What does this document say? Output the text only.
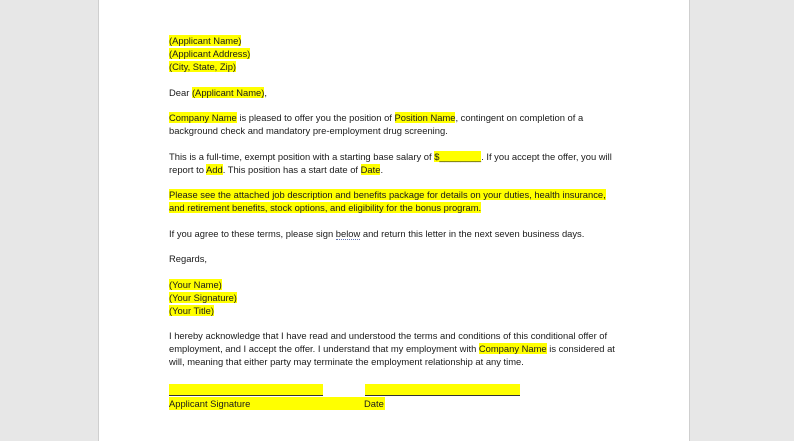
(Applicant Name)

(Applicant Address)

(City, State, Zip)

Dear (Applicant Name),

Company Name is pleased to offer you the position of Position Name, contingent on completion of a background check and mandatory pre-employment drug screening.

This is a full-time, exempt position with a starting base salary of $________. If you accept the offer, you will report to Add. This position has a start date of Date.

Please see the attached job description and benefits package for details on your duties, health insurance, and retirement benefits, stock options, and eligibility for the bonus program.

If you agree to these terms, please sign below and return this letter in the next seven business days.

Regards,

(Your Name)

(Your Signature)

(Your Title)

I hereby acknowledge that I have read and understood the terms and conditions of this conditional offer of employment, and I accept the offer. I understand that my employment with Company Name is considered at will, meaning that either party may terminate the employment relationship at any time.

Applicant Signature	Date
